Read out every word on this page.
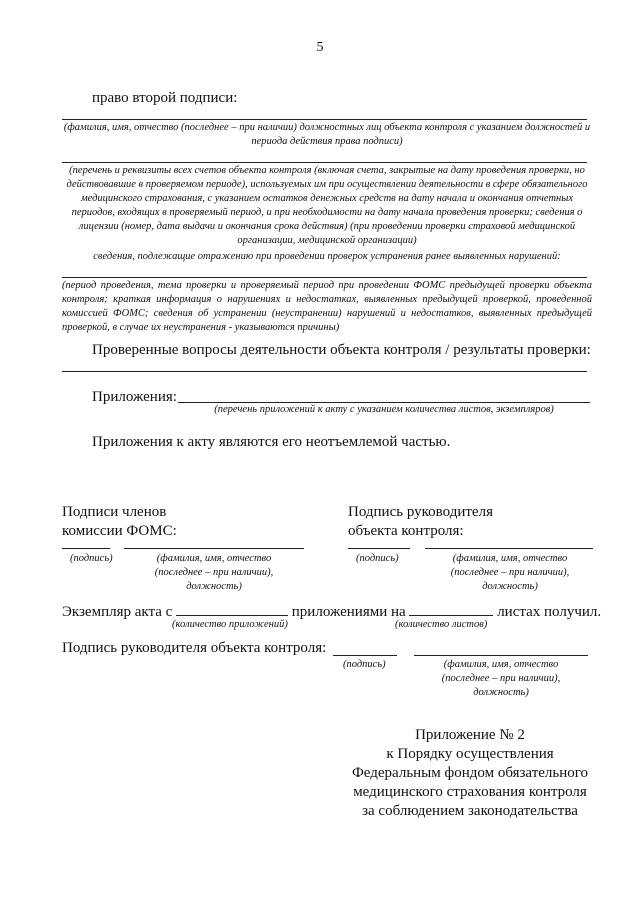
5
право второй подписи:
(фамилия, имя, отчество (последнее – при наличии) должностных лиц объекта контроля с указанием должностей и периода действия права подписи)
(перечень и реквизиты всех счетов объекта контроля (включая счета, закрытые на дату проведения проверки, но действовавшие в проверяемом периоде), используемых им при осуществлении деятельности в сфере обязательного медицинского страхования, с указанием остатков денежных средств на дату начала и окончания отчетных периодов, входящих в проверяемый период, и при необходимости на дату начала проведения проверки; сведения о лицензии (номер, дата выдачи и окончания срока действия) (при проведении проверки страховой медицинской организации, медицинской организации)
сведения, подлежащие отражению при проведении проверок устранения ранее выявленных нарушений:
(период проведения, тема проверки и проверяемый период при проведении ФОМС предыдущей проверки объекта контроля; краткая информация о нарушениях и недостатках, выявленных предыдущей проверкой, проведенной комиссией ФОМС; сведения об устранении (неустранении) нарушений и недостатков, выявленных предыдущей проверкой, в случае их неустранения - указываются причины)
Проверенные вопросы деятельности объекта контроля / результаты проверки:
Приложения:
(перечень приложений к акту с указанием количества листов, экземпляров)
Приложения к акту являются его неотъемлемой частью.
Подписи членов
комиссии ФОМС:
(подпись)	(фамилия, имя, отчество
(последнее – при наличии),
должность)
Подпись руководителя
объекта контроля:
(подпись)	(фамилия, имя, отчество
(последнее – при наличии),
должность)
Экземпляр акта с	приложениями на	листах получил.
(количество приложений)	(количество листов)
Подпись руководителя объекта контроля:
(подпись)	(фамилия, имя, отчество
(последнее – при наличии),
должность)
Приложение № 2
к Порядку осуществления
Федеральным фондом обязательного
медицинского страхования контроля
за соблюдением законодательства
